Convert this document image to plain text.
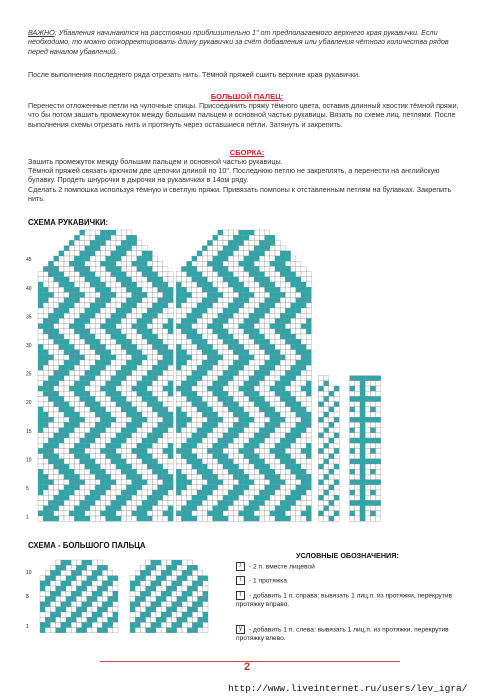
ВАЖНО: Убавления начинаются на расстоянии приблизительно 1" от предполагаемого верхнего края рукавички. Если необходимо, то можно откорректировать длину рукавички за счёт добавления или убавления чётного количества рядов перед началом убавлений.
После выполнения последнего ряда отрезать нить. Тёмной пряжей сшить верхние края рукавички.
БОЛЬШОЙ ПАЛЕЦ:
Перенести отложенные петли на чулочные спицы. Присоединить пряжу тёмного цвета, оставив длинный хвостик тёмной пряжи, что бы потом зашить промежуток между большим пальцем и основной частью рукавицы. Вязать по схеме лиц. петлями. После выполнения схемы отрезать нить и протянуть через оставшиеся петли. Затянуть и закрепить.
СБОРКА:
Зашить промежуток между большим пальцем и основной частью рукавицы.
Тёмной пряжей связать крючком две цепочки длиной по 10". Последнюю петлю не закреплять, а перенести на английскую булавку. Продеть шнурочки в дырочки на рукавичках в 14ом ряду.
Сделать 2 помпошка используя тёмную и светлую пряжи. Привязать помпоны к отставленным петлям на булавках. Закрепить нить.
СХЕМА РУКАВИЧКИ:
45
40
35
30
25
20
15
10
5
1
СХЕМА - БОЛЬШОГО ПАЛЬЦА
10
5
1
УСЛОВНЫЕ ОБОЗНАЧЕНИЯ:
/ - 2 п. вместе лицевой
\ - 1 протяжка
r - добавить 1 п. справа: вывязать 1 лиц.п. из протяжки, перекрутив протяжку вправо.
y - добавить 1 п. слева: вывязать 1 лиц.п. из протяжки, перекрутив протяжку влево.
2
http://www.liveinternet.ru/users/lev_igra/
